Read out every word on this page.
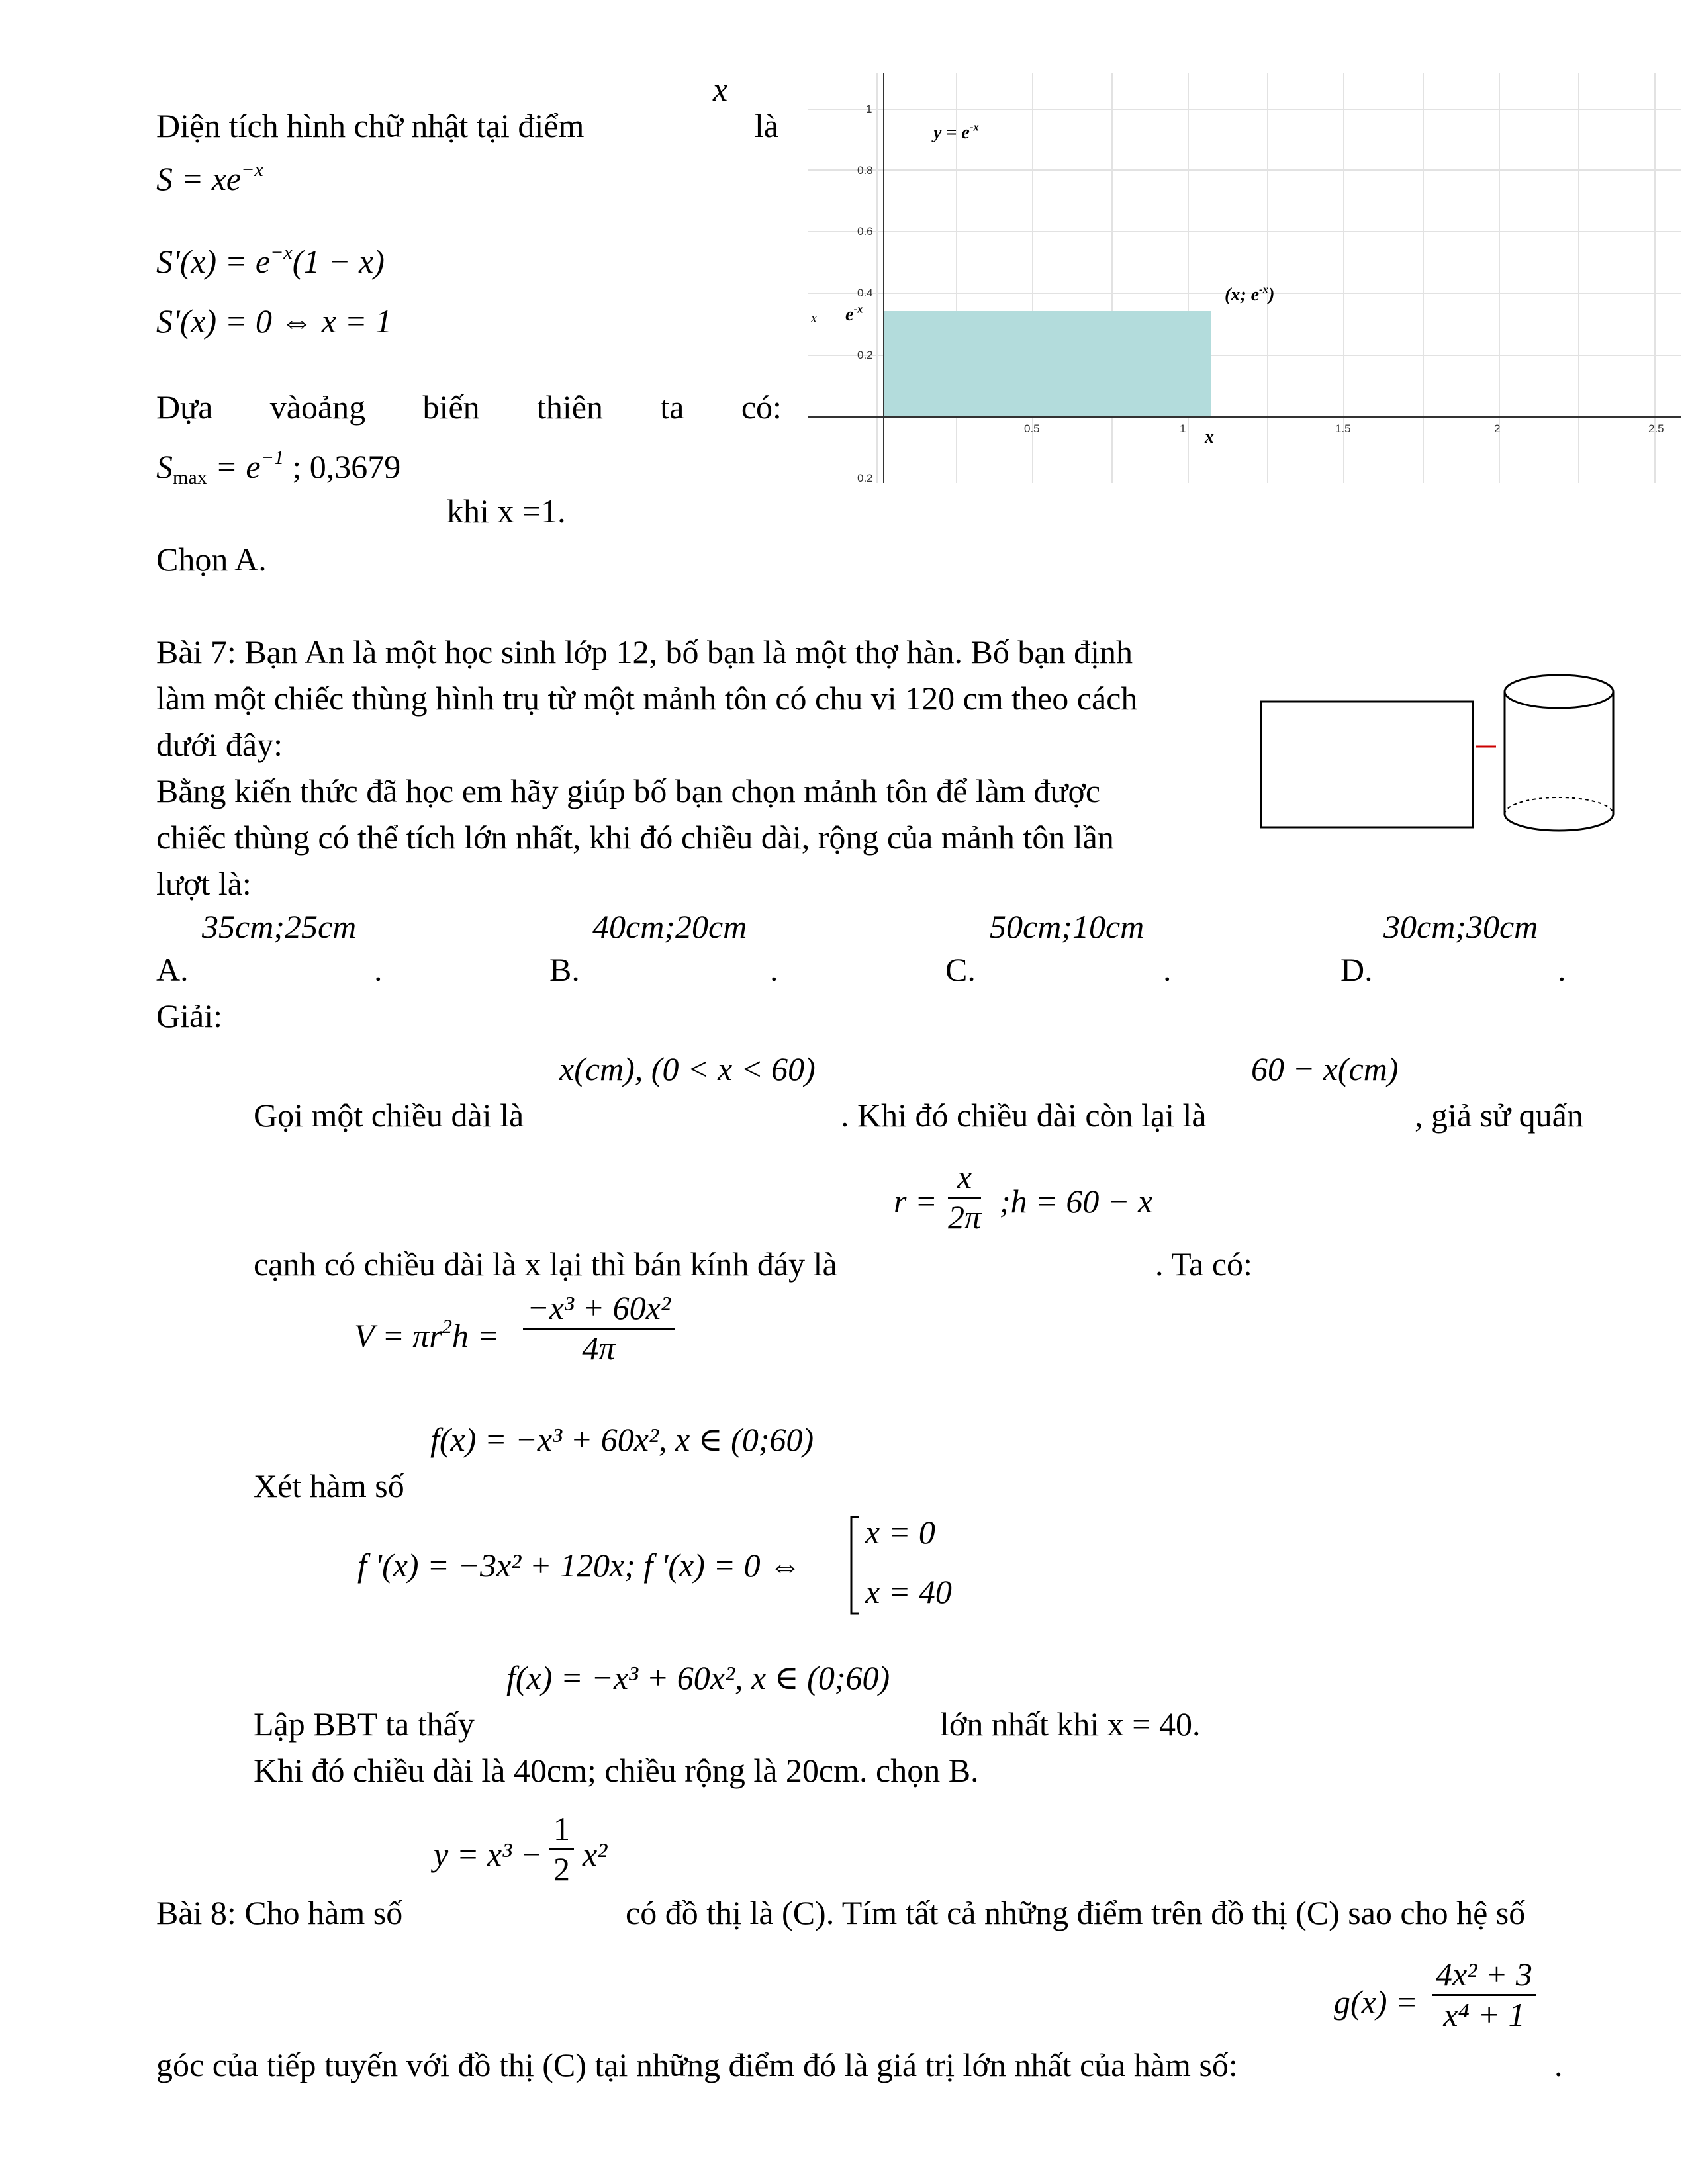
Diện tích hình chữ nhật tại điểm
x
là
$S = xe^{-x}$
$S'(x) = e^{-x}(1 - x)$
S'(x) = 0 ⇔ x = 1
Dựa vàoảng biến thiên ta có:
$S_{max} = e^{-1}$ ; 0,3679
khi x =1.
Chọn A.
1
0.8
0.6
0.4
0.2
0.2
0.5	1	1.5	2	2.5
$y = e^{-x}$
(x; $e^{-x}$)
$e^{-x}$
x
x
Bài 7: Bạn An là một học sinh lớp 12, bố bạn là một thợ hàn. Bố bạn định
làm một chiếc thùng hình trụ từ một mảnh tôn có chu vi 120 cm theo cách
dưới đây:
Bằng kiến thức đã học em hãy giúp bố bạn chọn mảnh tôn để làm được
chiếc thùng có thể tích lớn nhất, khi đó chiều dài, rộng của mảnh tôn lần
lượt là:
35cm;25cm	40cm;20cm	50cm;10cm	30cm;30cm
A.	.	B.	.	C.	.	D.	.
Giải:
x(cm), (0 < x < 60)	60 − x(cm)
Gọi một chiều dài là	. Khi đó chiều dài còn lại là	, giả sử quấn
$r = \frac{x}{2\pi}$ ;h = 60 − x
cạnh có chiều dài là x lại thì bán kính đáy là	. Ta có:
$V = \pi r^2h = \frac{\text{−x³ + 60x²}}{4\pi}$
f(x) = −x³ + 60x², x ∈ (0;60)
Xét hàm số
f '(x) = −3x² + 120x; f '(x) = 0 ⇔
x = 0
x = 40
f(x) = −x³ + 60x², x ∈ (0;60)
Lập BBT ta thấy	lớn nhất khi x = 40.
Khi đó chiều dài là 40cm; chiều rộng là 20cm. chọn B.
$y = x^3 - \frac{1}{2} x^2$
Bài 8: Cho hàm số	có đồ thị là (C). Tím tất cả những điểm trên đồ thị (C) sao cho hệ số
$g(x) = \frac{\text{4x² + 3}}{\text{x⁴ + 1}}$
góc của tiếp tuyến với đồ thị (C) tại những điểm đó là giá trị lớn nhất của hàm số:	.
